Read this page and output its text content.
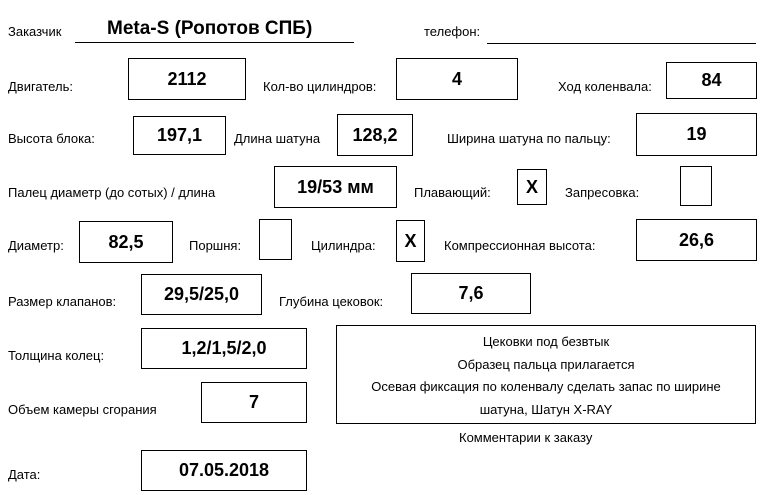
Заказчик Meta-S (Ропотов СПБ)	телефон:
Двигатель:	2112	Кол-во цилиндров:	4	Ход коленвала:	84
Высота блока:	197,1	Длина шатуна	128,2	Ширина шатуна по пальцу:	19
Палец диаметр (до сотых) / длина	19/53 мм	Плавающий:	X	Запресовка:
Диаметр:	82,5	Поршня:	Цилиндра:	X	Компрессионная высота:	26,6
Размер клапанов:	29,5/25,0	Глубина цековок:	7,6
Толщина колец:	1,2/1,5/2,0
Объем камеры сгорания	7
Цековки под безвтык
Образец пальца прилагается
Осевая фиксация по коленвалу сделать запас по ширине
шатуна, Шатун X-RAY
Комментарии к заказу
Дата:	07.05.2018
